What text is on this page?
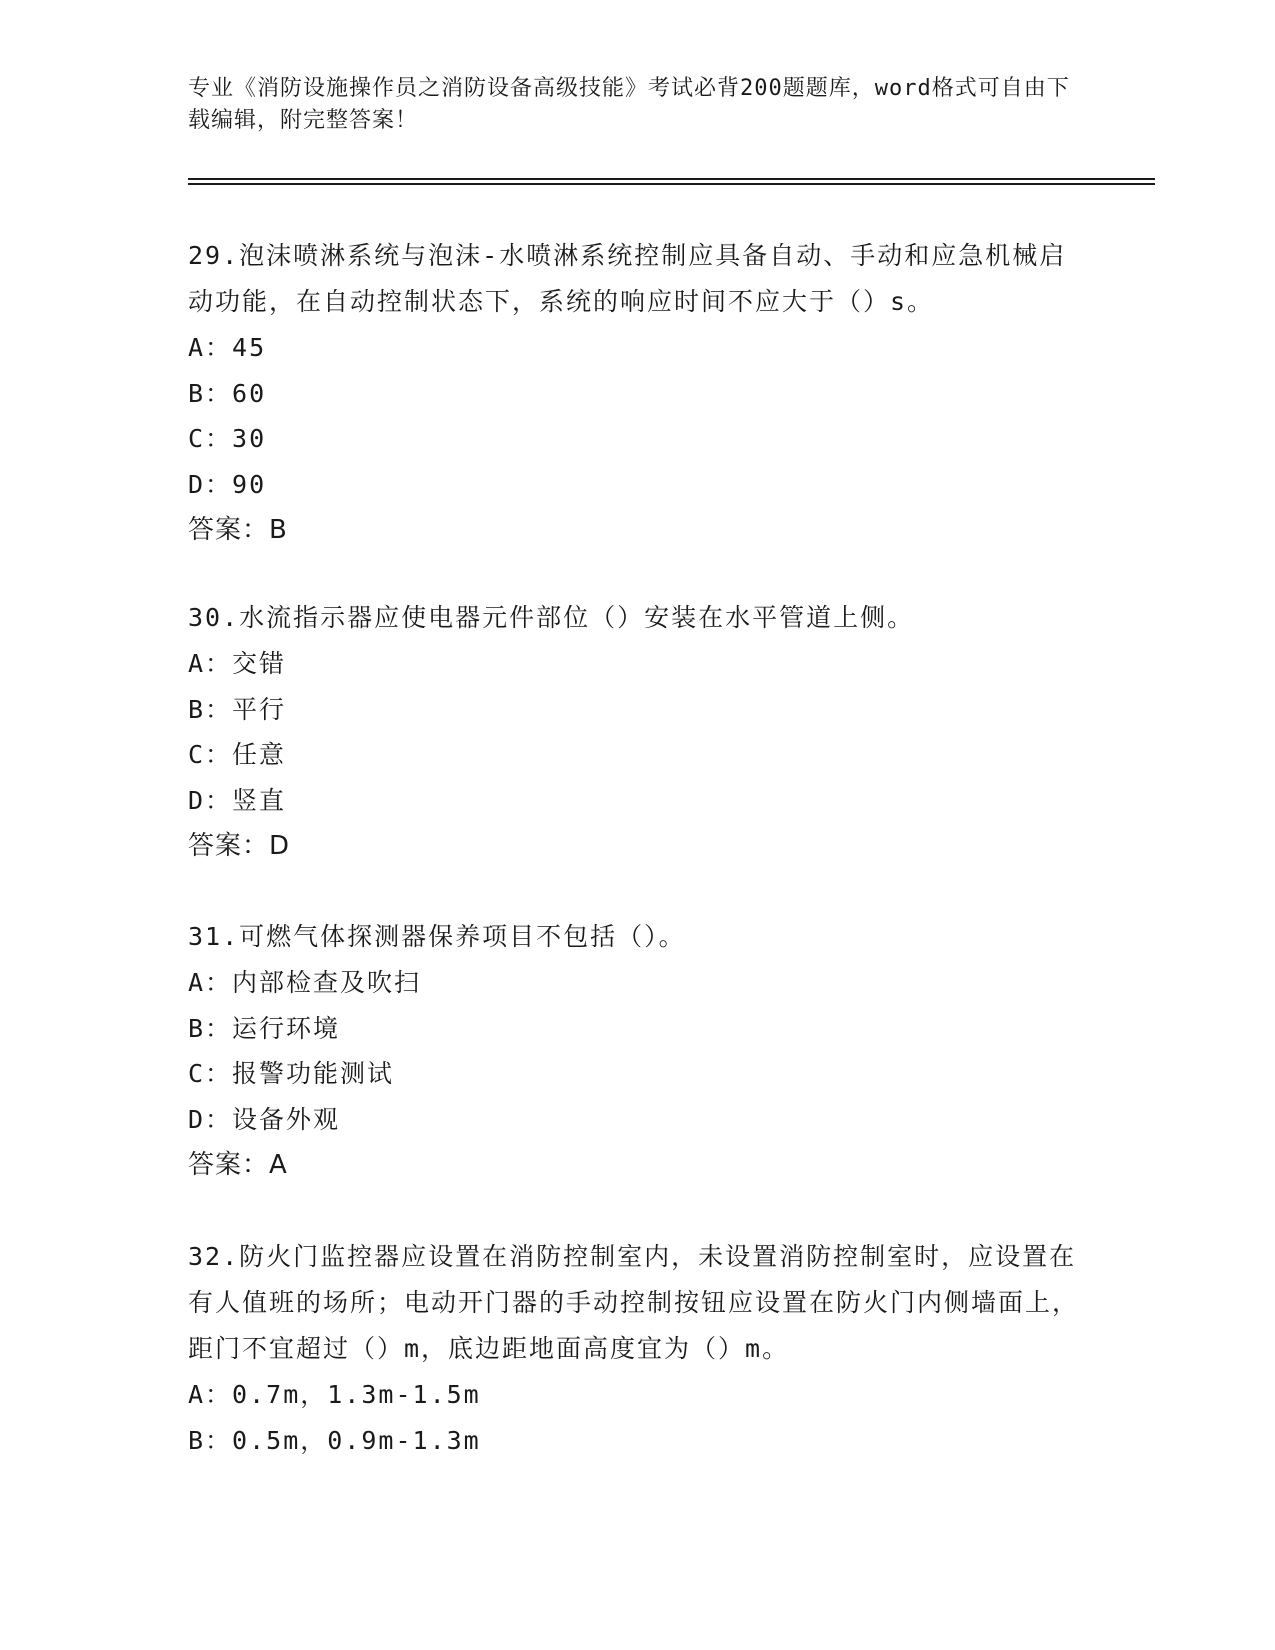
专业《消防设施操作员之消防设备高级技能》考试必背200题题库，word格式可自由下载编辑，附完整答案！

29.泡沫喷淋系统与泡沫-水喷淋系统控制应具备自动、手动和应急机械启动功能，在自动控制状态下，系统的响应时间不应大于（）s。

A：45

B：60

C：30

D：90

答案：B

30.水流指示器应使电器元件部位（）安装在水平管道上侧。

A：交错

B：平行

C：任意

D：竖直

答案：D

31.可燃气体探测器保养项目不包括（）。

A：内部检查及吹扫

B：运行环境

C：报警功能测试

D：设备外观

答案：A

32.防火门监控器应设置在消防控制室内，未设置消防控制室时，应设置在有人值班的场所；电动开门器的手动控制按钮应设置在防火门内侧墙面上，距门不宜超过（）m，底边距地面高度宜为（）m。

A：0.7m，1.3m-1.5m

B：0.5m，0.9m-1.3m
